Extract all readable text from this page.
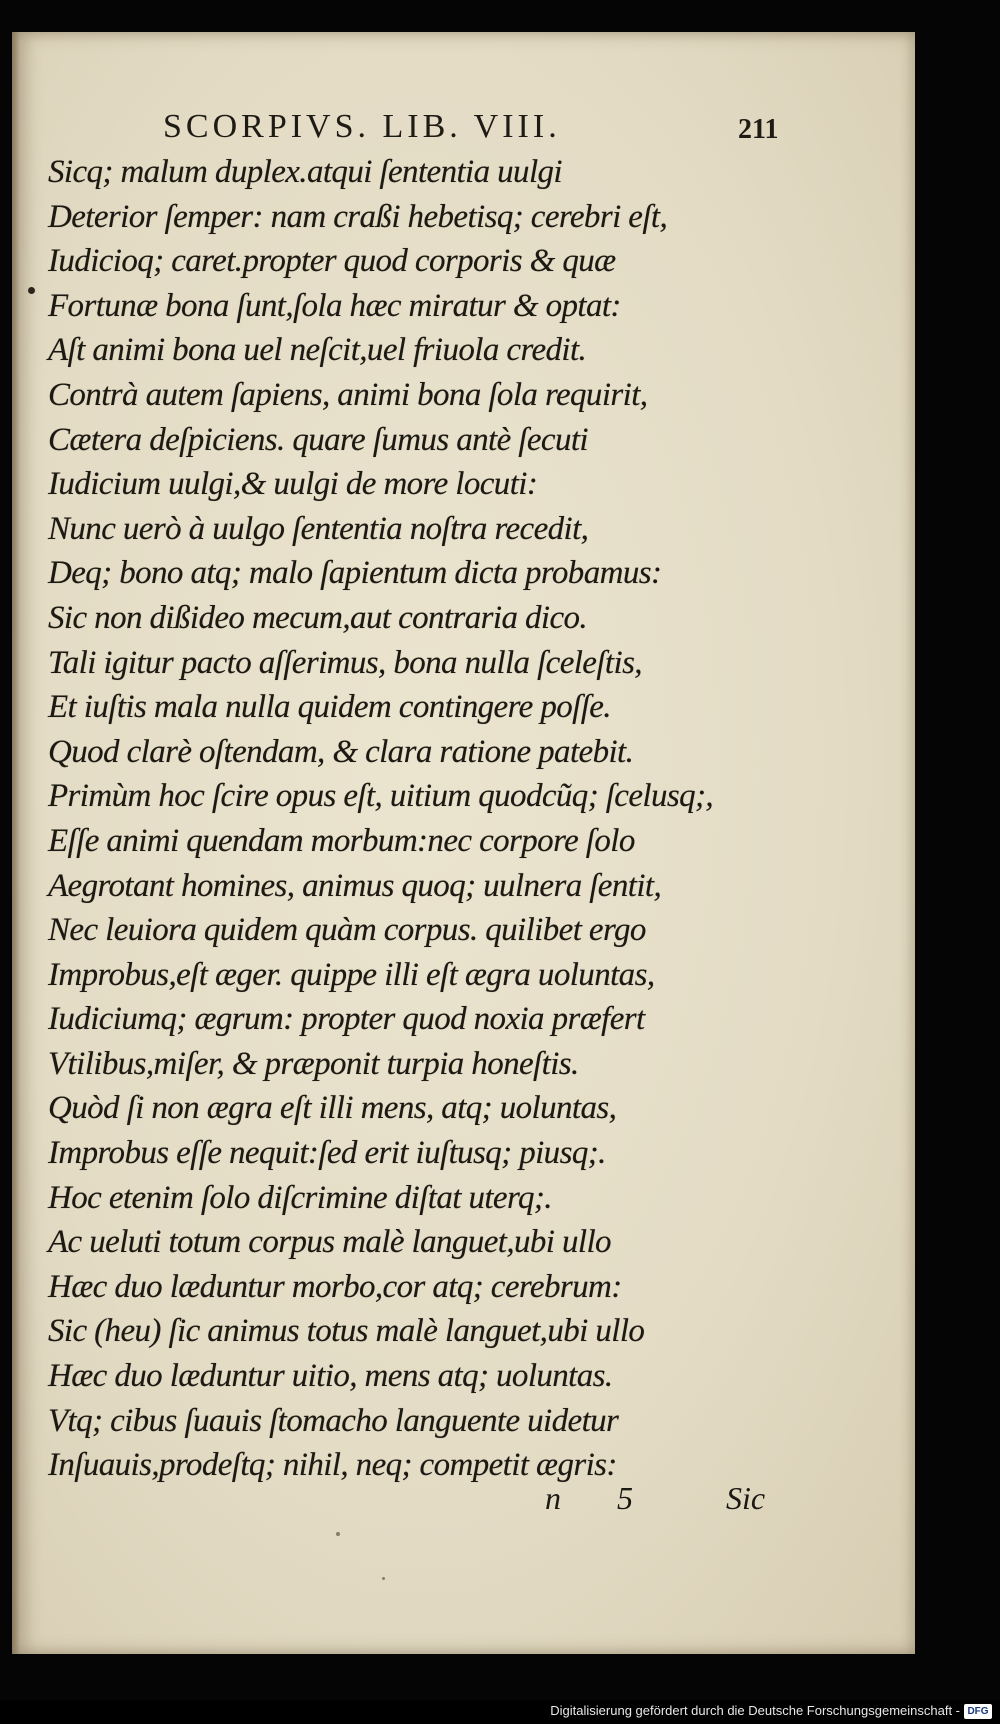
SCORPIVS. LIB. VIII.	211
Sicq; malum duplex.atqui ſententia uulgi
Deterior ſemper: nam craßi hebetisq; cerebri eſt,
Iudicioq; caret.propter quod corporis & quæ
Fortunæ bona ſunt,ſola hæc miratur & optat:
Aſt animi bona uel neſcit,uel friuola credit.
Contrà autem ſapiens, animi bona ſola requirit,
Cætera deſpiciens. quare ſumus antè ſecuti
Iudicium uulgi,& uulgi de more locuti:
Nunc uerò à uulgo ſententia noſtra recedit,
Deq; bono atq; malo ſapientum dicta probamus:
Sic non dißideo mecum,aut contraria dico.
Tali igitur pacto aſſerimus, bona nulla ſceleſtis,
Et iuſtis mala nulla quidem contingere poſſe.
Quod clarè oſtendam, & clara ratione patebit.
Primùm hoc ſcire opus eſt, uitium quodcũq; ſcelusq;,
Eſſe animi quendam morbum:nec corpore ſolo
Aegrotant homines, animus quoq; uulnera ſentit,
Nec leuiora quidem quàm corpus. quilibet ergo
Improbus,eſt æger. quippe illi eſt ægra uoluntas,
Iudiciumq; ægrum: propter quod noxia præfert
Vtilibus,miſer, & præponit turpia honeſtis.
Quòd ſi non ægra eſt illi mens, atq; uoluntas,
Improbus eſſe nequit:ſed erit iuſtusq; piusq;.
Hoc etenim ſolo diſcrimine diſtat uterq;.
Ac ueluti totum corpus malè languet,ubi ullo
Hæc duo læduntur morbo,cor atq; cerebrum:
Sic (heu) ſic animus totus malè languet,ubi ullo
Hæc duo læduntur uitio, mens atq; uoluntas.
Vtq; cibus ſuauis ſtomacho languente uidetur
Inſuauis,prodeſtq; nihil, neq; competit ægris:
n 5 Sic
Digitalisierung gefördert durch die Deutsche Forschungsgemeinschaft - DFG
